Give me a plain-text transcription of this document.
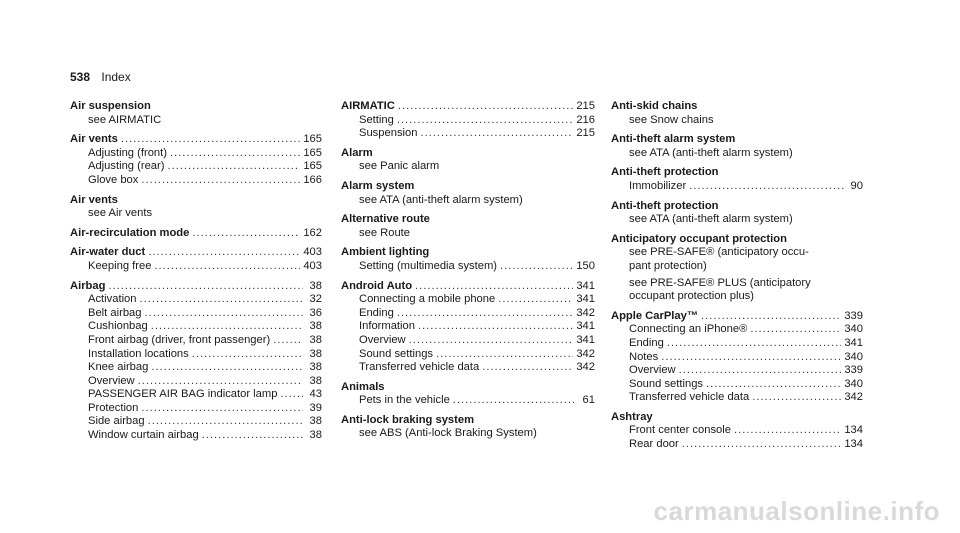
538 Index
Air suspension
see AIRMATIC
Air vents .....	165
Adjusting (front) .....	165
Adjusting (rear) .....	165
Glove box .....	166
Air vents
see Air vents
Air-recirculation mode .....	162
Air-water duct .....	403
Keeping free .....	403
Airbag .....	38
Activation .....	32
Belt airbag .....	36
Cushionbag .....	38
Front airbag (driver, front passenger) .....	38
Installation locations .....	38
Knee airbag .....	38
Overview .....	38
PASSENGER AIR BAG indicator lamp .....	43
Protection .....	39
Side airbag .....	38
Window curtain airbag .....	38
AIRMATIC .....	215
Setting .....	216
Suspension .....	215
Alarm
see Panic alarm
Alarm system
see ATA (anti-theft alarm system)
Alternative route
see Route
Ambient lighting
Setting (multimedia system) .....	150
Android Auto .....	341
Connecting a mobile phone .....	341
Ending .....	342
Information .....	341
Overview .....	341
Sound settings .....	342
Transferred vehicle data .....	342
Animals
Pets in the vehicle .....	61
Anti-lock braking system
see ABS (Anti-lock Braking System)
Anti-skid chains
see Snow chains
Anti-theft alarm system
see ATA (anti-theft alarm system)
Anti-theft protection
Immobilizer .....	90
Anti-theft protection
see ATA (anti-theft alarm system)
Anticipatory occupant protection
see PRE-SAFE® (anticipatory occu-
pant protection)
see PRE-SAFE® PLUS (anticipatory
occupant protection plus)
Apple CarPlay™ .....	339
Connecting an iPhone® .....	340
Ending .....	341
Notes .....	340
Overview .....	339
Sound settings .....	340
Transferred vehicle data .....	342
Ashtray
Front center console .....	134
Rear door .....	134
carmanualsonline.info
